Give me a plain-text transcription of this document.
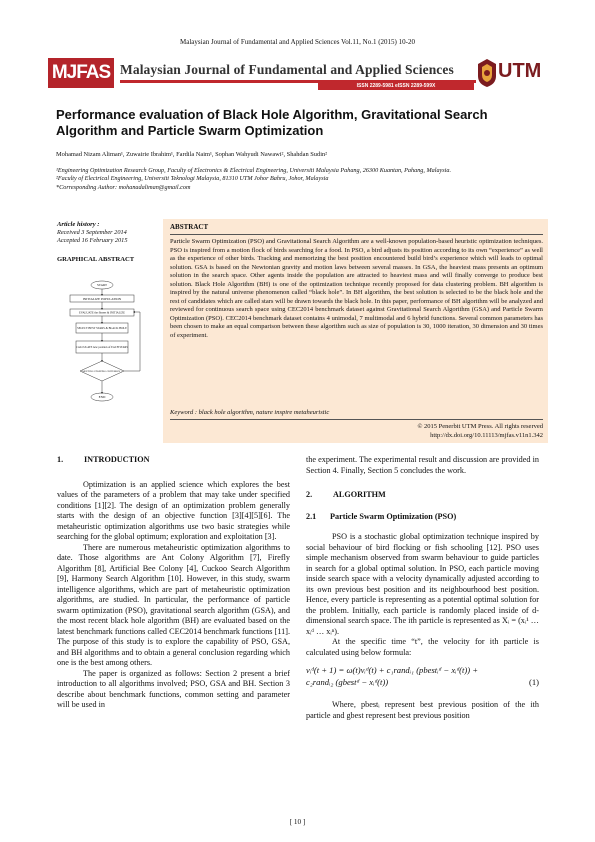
Malaysian Journal of Fundamental and Applied Sciences Vol.11, No.1 (2015) 10-20
MJFAS Malaysian Journal of Fundamental and Applied Sciences
ISSN 2289-5981 eISSN 2289-599X
UTM
Performance evaluation of Black Hole Algorithm, Gravitational Search Algorithm and Particle Swarm Optimization
Mohamad Nizam Aliman¹, Zuwairie Ibrahim¹, Fardila Naim¹, Sophan Wahyudi Nawawi², Shahdan Sudin²
¹Engineering Optimization Research Group, Faculty of Electronics & Electrical Engineering, Universiti Malaysia Pahang, 26300 Kuantan, Pahang, Malaysia.
²Faculty of Electrical Engineering, Universiti Teknologi Malaysia, 81310 UTM Johor Bahru, Johor, Malaysia
*Corresponding Author: mohanadaliman@gmail.com
Article history :
Received 3 September 2014
Accepted 16 February 2015
GRAPHICAL ABSTRACT
START
INITIALIZE POPULATION
EVALUATE the fitness & INITIALIZE
SELECT BEST STARS & BLACK HOLE
CALCULATE new position of EACH STARS
MEETING STOPPING CRITERION ?
END
ABSTRACT
Particle Swarm Optimization (PSO) and Gravitational Search Algorithm are a well-known population-based heuristic optimization techniques. PSO is inspired from a motion flock of birds searching for a food. In PSO, a bird adjusts its position according to its own “experience” as well as the experience of other birds. Tracking and memorizing the best position encountered build bird’s experience which will leads to optimal solution. GSA is based on the Newtonian gravity and motion laws between several masses. In GSA, the heaviest mass presents an optimum solution in the search space. Other agents inside the population are attracted to heaviest mass and will finally converge to produce best solution. Black Hole Algorithm (BH) is one of the optimization technique recently proposed for data clustering problem. BH algorithm is inspired by the natural universe phenomenon called “black hole”. In BH algorithm, the best solution is selected to be the black hole and the rest of candidates which are called stars will be drawn towards the black hole. In this paper, performance of BH algorithm will be analyzed and reviewed for continuous search space using CEC2014 benchmark dataset against Gravitational Search Algorithm (GSA) and Particle Swarm Optimization (PSO). CEC2014 benchmark dataset contains 4 unimodal, 7 multimodal and 6 hybrid functions. Several common parameters has been chosen to make an equal comparison between these algorithm such as size of population is 30, 1000 iteration, 30 dimension and 30 times of experiment.
Keyword : black hole algorithm, nature inspire metaheuristic
© 2015 Penerbit UTM Press. All rights reserved
http://dx.doi.org/10.11113/mjfas.v11n1.342
1.	INTRODUCTION

Optimization is an applied science which explores the best values of the parameters of a problem that may take under specified conditions [1][2]. The design of an optimization problem generally starts with the design of an objective function [3][4][5][6]. The metaheuristic optimization algorithms use two basic strategies while searching for the global optimum; exploration and exploitation [3].

There are numerous metaheuristic optimization algorithms to date. Those algorithms are Ant Colony Algorithm [7], Firefly Algorithm [8], Artificial Bee Colony [4], Cuckoo Search Algorithm [9], Harmony Search Algorithm [10]. However, in this study, swarm intelligence algorithms, which are part of metaheuristic optimization algorithms, are studied. In particular, the performance of particle swarm optimization (PSO), gravitational search algorithm (GSA), and the most recent black hole algorithm (BH) are evaluated based on the latest benchmark functions called CEC2014 benchmark functions [11]. The purpose of this study is to explore the capability of PSO, GSA, and BH algorithms and to obtain a general conclusion regarding which one is the best among others.

The paper is organized as follows: Section 2 present a brief introduction to all algorithms involved; PSO, GSA and BH. Section 3 describe about benchmark functions, common setting and parameter will be used in

the experiment. The experimental result and discussion are provided in Section 4. Finally, Section 5 concludes the work.

2.	ALGORITHM
2.1 Particle Swarm Optimization (PSO)

PSO is a stochastic global optimization technique inspired by social behaviour of bird flocking or fish schooling [12]. PSO uses simple mechanism observed from swarm behaviour to guide particles in search for a global optimal solution. In PSO, each particle moving inside search space with a velocity dynamically adjusted according to its own previous best position and its neighbourhood best position. Hence, every particle is representing as a potential optimal solution for the problem. Initially, each particle is randomly placed inside of d-dimensional search space. The ith particle is represented as Xᵢ = (xᵢ¹ … xᵢᵈ … xᵢⁿ).

At the specific time “t”, the velocity for ith particle is calculated using below formula:

vᵢᵈ(t + 1) = ω(t)vᵢᵈ(t) + c₁randᵢ₁ (pbestᵢᵈ − xᵢᵈ(t)) +
c₂randᵢ₂ (gbestᵈ − xᵢᵈ(t))	(1)

Where, pbestᵢ represent best previous position of the ith particle and gbest represent best previous position

[ 10 ]
